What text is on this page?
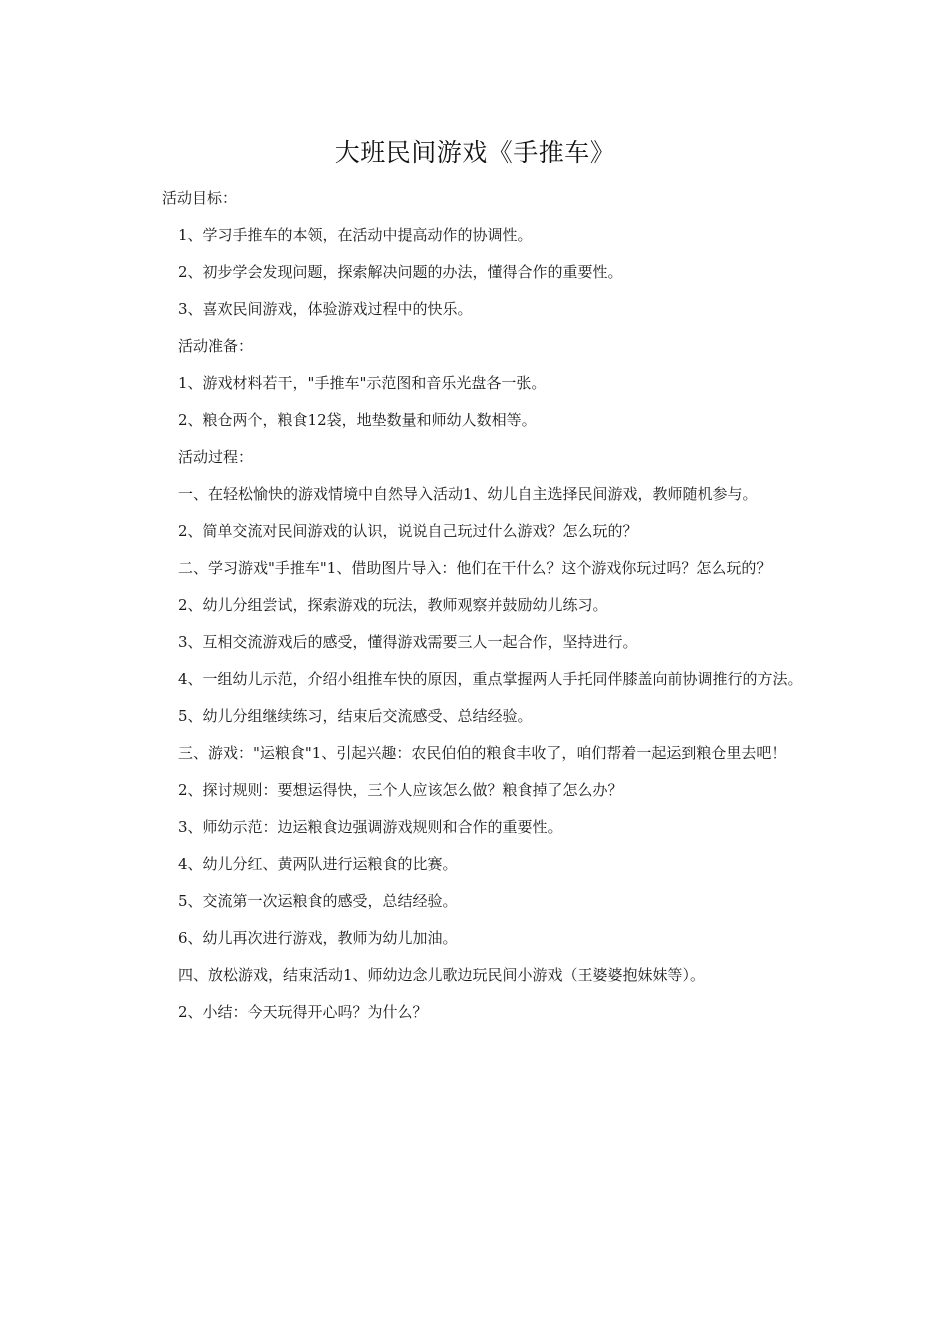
大班民间游戏《手推车》

活动目标：

1、学习手推车的本领，在活动中提高动作的协调性。

2、初步学会发现问题，探索解决问题的办法，懂得合作的重要性。

3、喜欢民间游戏，体验游戏过程中的快乐。

活动准备：

1、游戏材料若干，"手推车"示范图和音乐光盘各一张。

2、粮仓两个，粮食12袋，地垫数量和师幼人数相等。

活动过程：

一、在轻松愉快的游戏情境中自然导入活动1、幼儿自主选择民间游戏，教师随机参与。

2、简单交流对民间游戏的认识，说说自己玩过什么游戏？怎么玩的？

二、学习游戏"手推车"1、借助图片导入：他们在干什么？这个游戏你玩过吗？怎么玩的？

2、幼儿分组尝试，探索游戏的玩法，教师观察并鼓励幼儿练习。

3、互相交流游戏后的感受，懂得游戏需要三人一起合作，坚持进行。

4、一组幼儿示范，介绍小组推车快的原因，重点掌握两人手托同伴膝盖向前协调推行的方法。

5、幼儿分组继续练习，结束后交流感受、总结经验。

三、游戏："运粮食"1、引起兴趣：农民伯伯的粮食丰收了，咱们帮着一起运到粮仓里去吧！

2、探讨规则：要想运得快，三个人应该怎么做？粮食掉了怎么办？

3、师幼示范：边运粮食边强调游戏规则和合作的重要性。

4、幼儿分红、黄两队进行运粮食的比赛。

5、交流第一次运粮食的感受，总结经验。

6、幼儿再次进行游戏，教师为幼儿加油。

四、放松游戏，结束活动1、师幼边念儿歌边玩民间小游戏（王婆婆抱妹妹等）。

2、小结：今天玩得开心吗？为什么？
